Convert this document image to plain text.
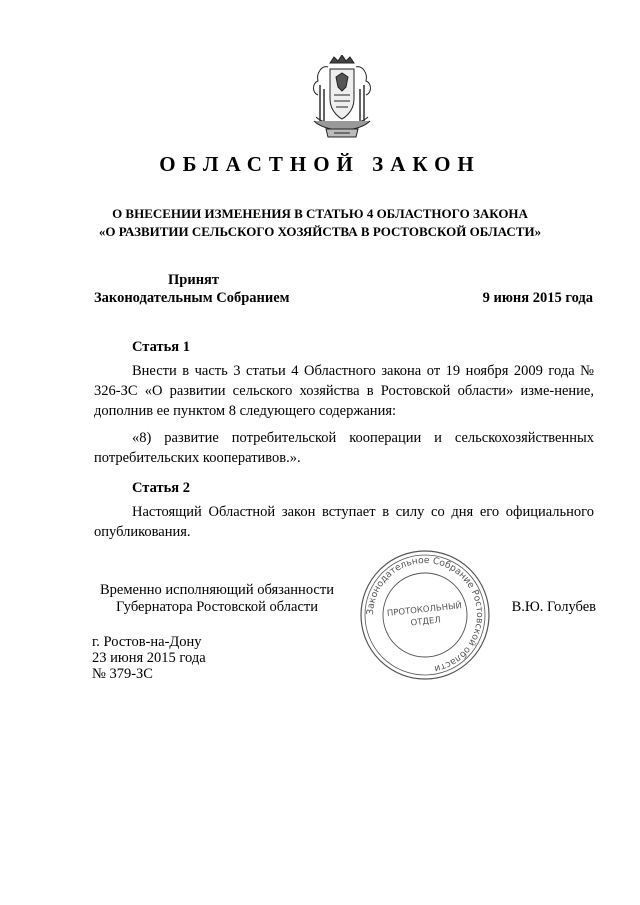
ОБЛАСТНОЙ ЗАКОН
О ВНЕСЕНИИ ИЗМЕНЕНИЯ В СТАТЬЮ 4 ОБЛАСТНОГО ЗАКОНА
«О РАЗВИТИИ СЕЛЬСКОГО ХОЗЯЙСТВА В РОСТОВСКОЙ ОБЛАСТИ»
Принят
Законодательным Собранием	9 июня 2015 года
Статья 1
Внести в часть 3 статьи 4 Областного закона от 19 ноября 2009 года № 326-ЗС «О развитии сельского хозяйства в Ростовской области» изме-нение, дополнив ее пунктом 8 следующего содержания:
«8) развитие потребительской кооперации и сельскохозяйственных потребительских кооперативов.».
Статья 2
Настоящий Областной закон вступает в силу со дня его официального опубликования.
Временно исполняющий обязанности
Губернатора Ростовской области	В.Ю. Голубев
Законодательное Собрание Ростовской области
ПРОТОКОЛЬНЫЙ
ОТДЕЛ
г. Ростов-на-Дону
23 июня 2015 года
№ 379-ЗС
